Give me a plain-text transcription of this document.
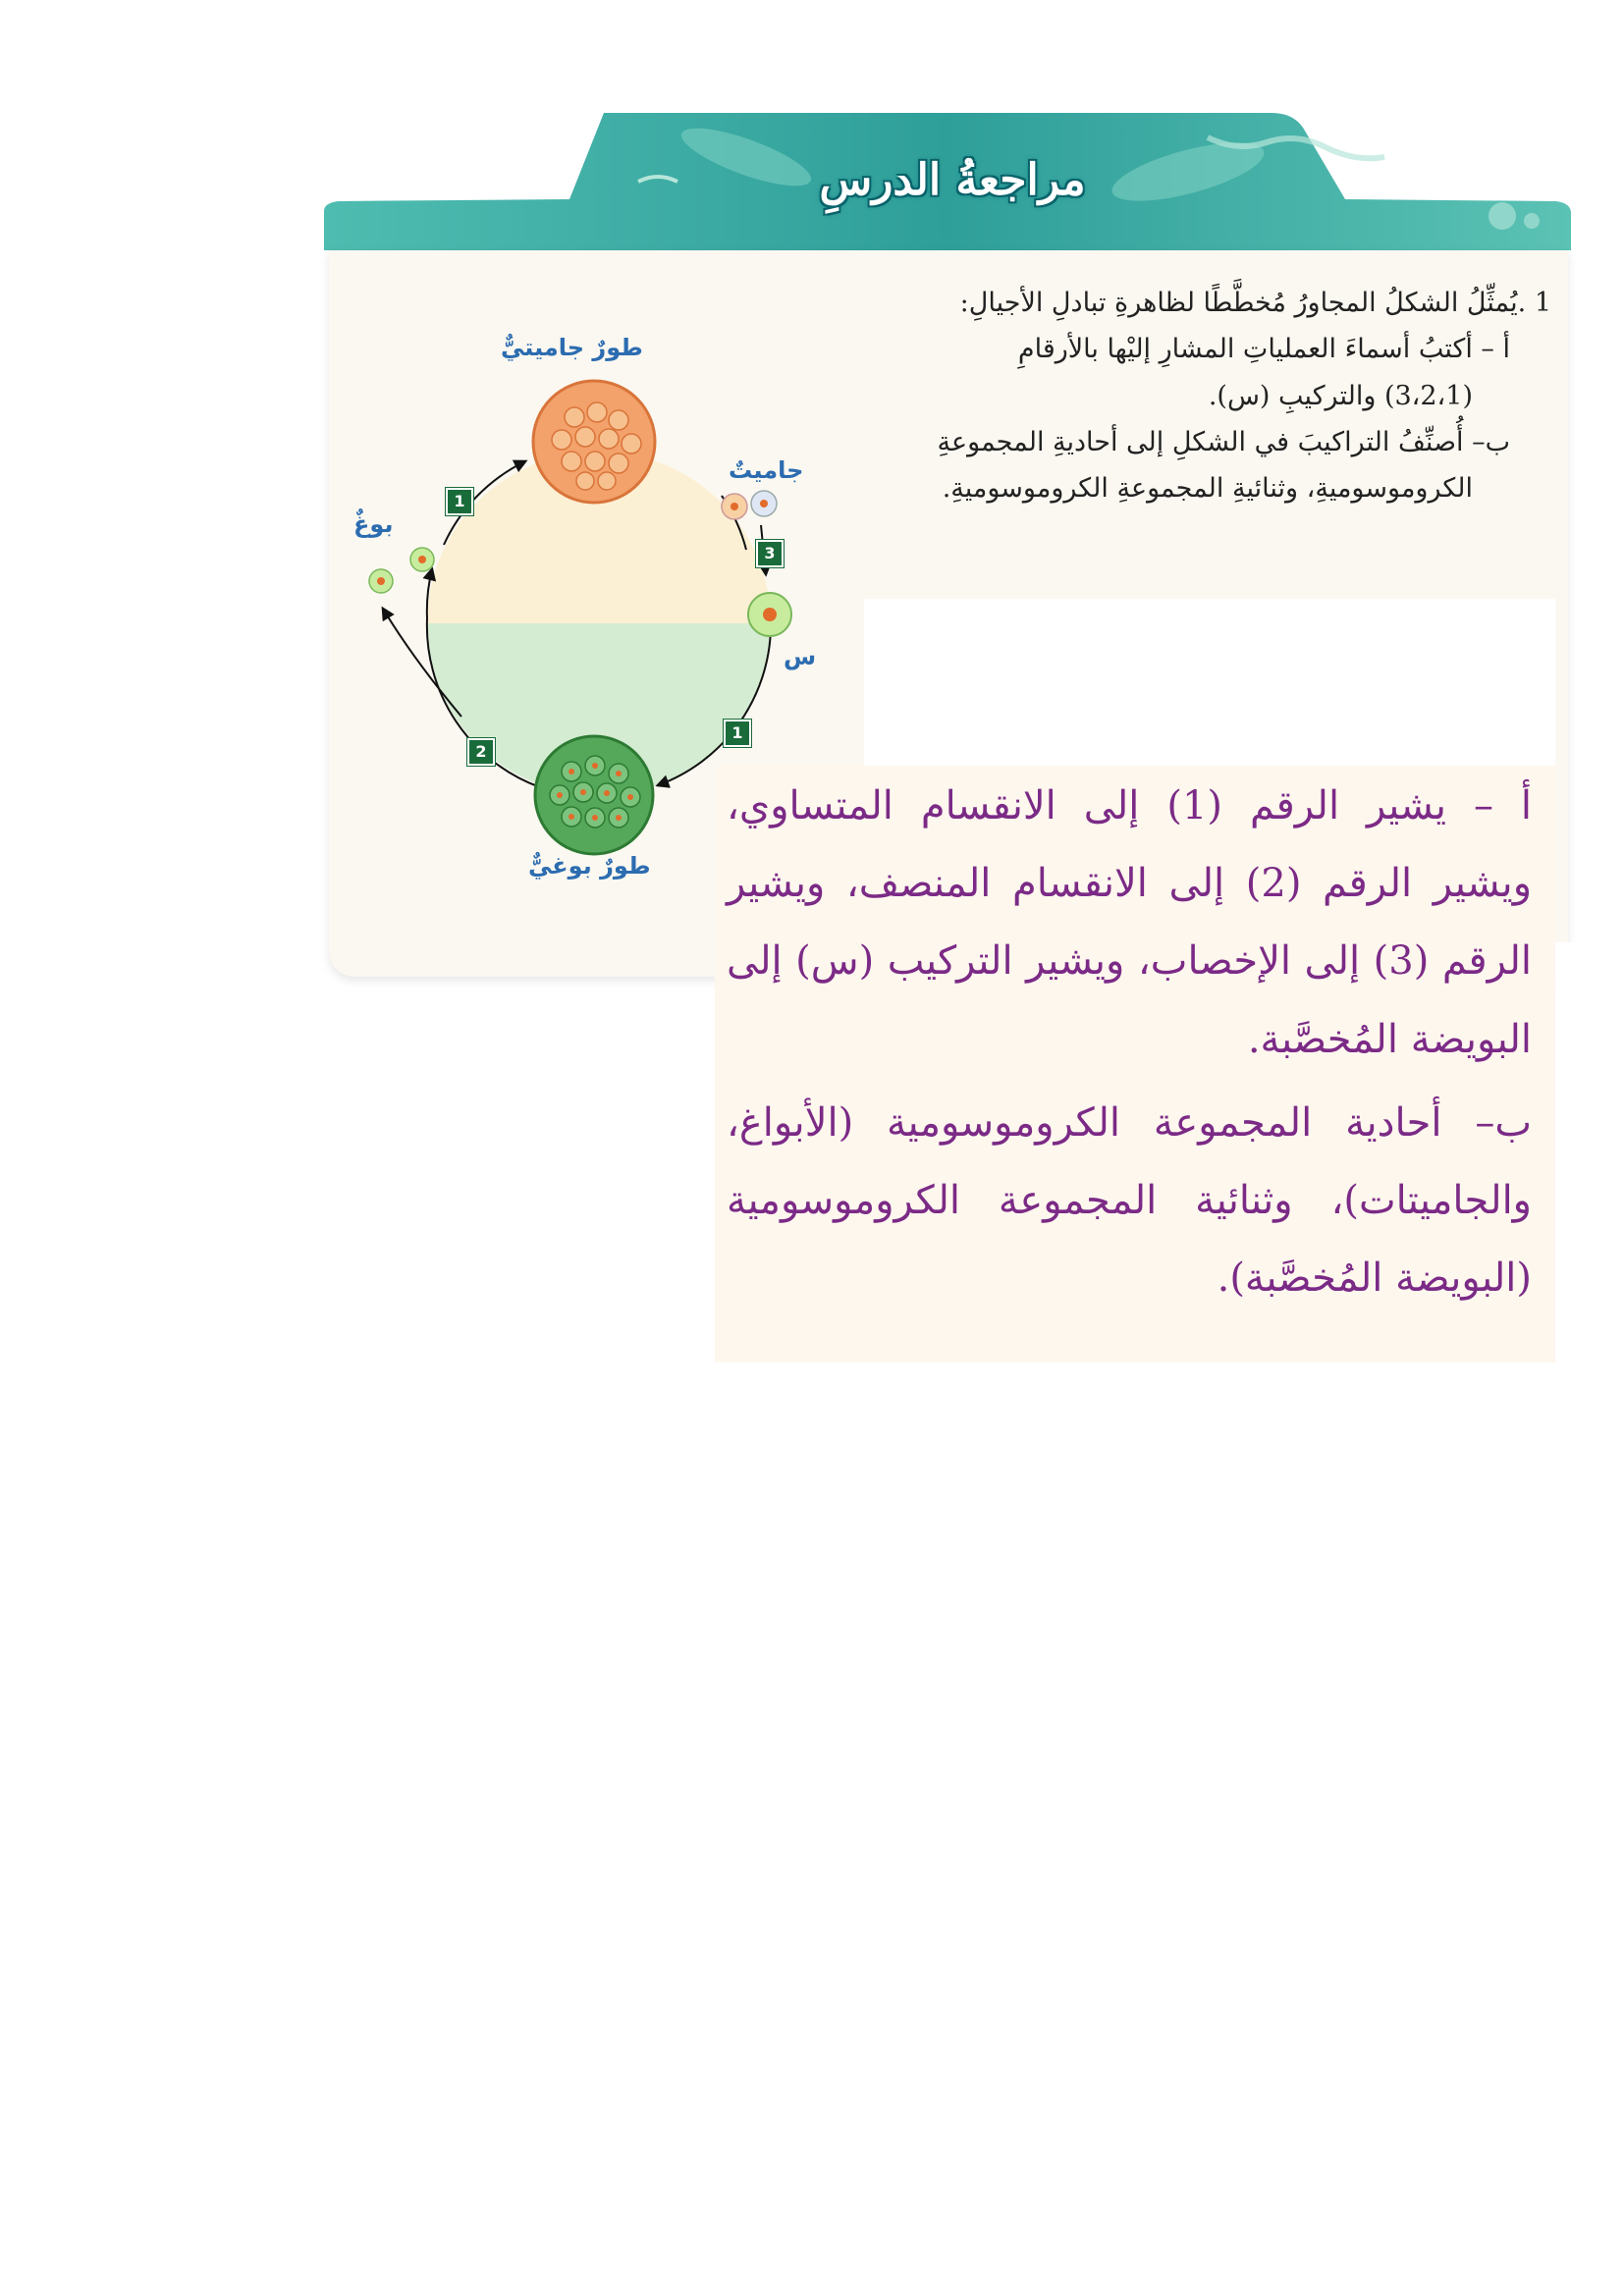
مراجعةُ الدرسِ
1 .يُمثِّلُ الشكلُ المجاورُ مُخطَّطًا لظاهرةِ تبادلِ الأجيالِ:
أ – أكتبُ أسماءَ العملياتِ المشارِ إليْها بالأرقامِ
(3،2،1) والتركيبِ (س).
ب– أُصنِّفُ التراكيبَ في الشكلِ إلى أحاديةِ المجموعةِ
الكروموسوميةِ، وثنائيةِ المجموعةِ الكروموسوميةِ.
طورٌ جاميتيٌّ
طورٌ بوغيٌّ
جاميتٌ
بوغٌ
س
1
3
1
2
أ – يشير الرقم (1) إلى الانقسام المتساوي، ويشير الرقم (2) إلى الانقسام المنصف، ويشير الرقم (3) إلى الإخصاب، ويشير التركيب (س) إلى البويضة المُخصَّبة.
ب– أحادية المجموعة الكروموسومية (الأبواغ، والجاميتات)، وثنائية المجموعة الكروموسومية (البويضة المُخصَّبة).
